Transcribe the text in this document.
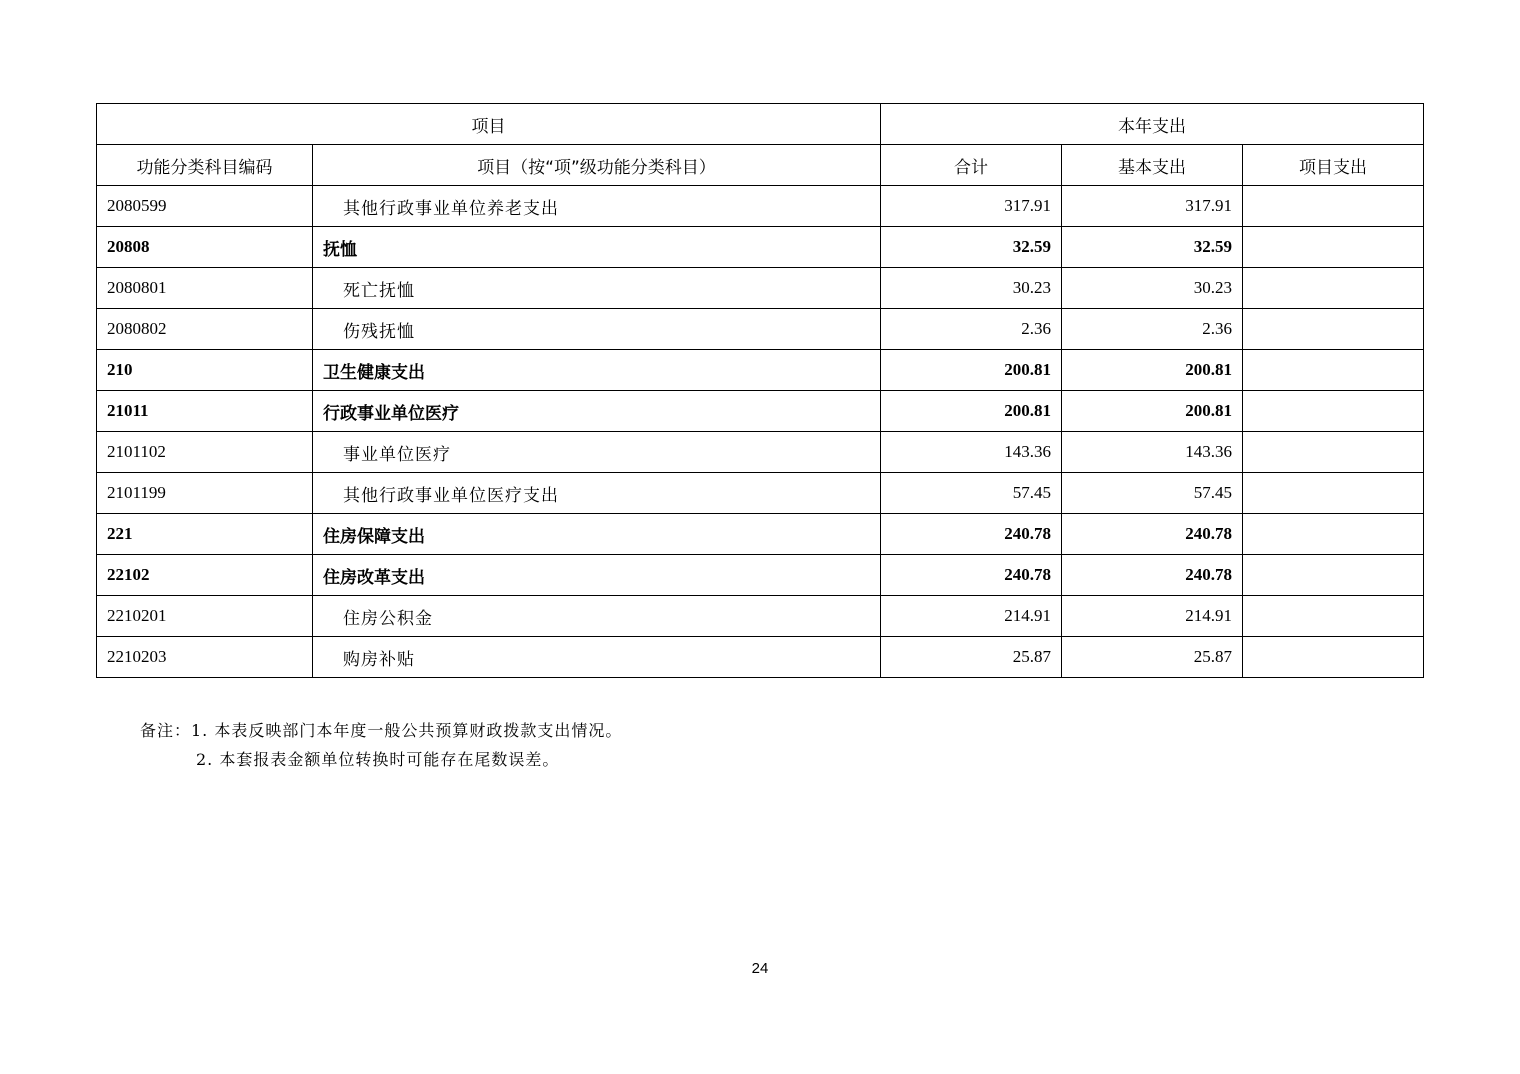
项目		本年支出		
功能分类科目编码	项目（按“项”级功能分类科目）	合计	基本支出	项目支出
2080599	其他行政事业单位养老支出	317.91	317.91	
20808	抚恤	32.59	32.59	
2080801	死亡抚恤	30.23	30.23	
2080802	伤残抚恤	2.36	2.36	
210	卫生健康支出	200.81	200.81	
21011	行政事业单位医疗	200.81	200.81	
2101102	事业单位医疗	143.36	143.36	
2101199	其他行政事业单位医疗支出	57.45	57.45	
221	住房保障支出	240.78	240.78	
22102	住房改革支出	240.78	240.78	
2210201	住房公积金	214.91	214.91	
2210203	购房补贴	25.87	25.87	
备注：1. 本表反映部门本年度一般公共预算财政拨款支出情况。
2. 本套报表金额单位转换时可能存在尾数误差。
24
